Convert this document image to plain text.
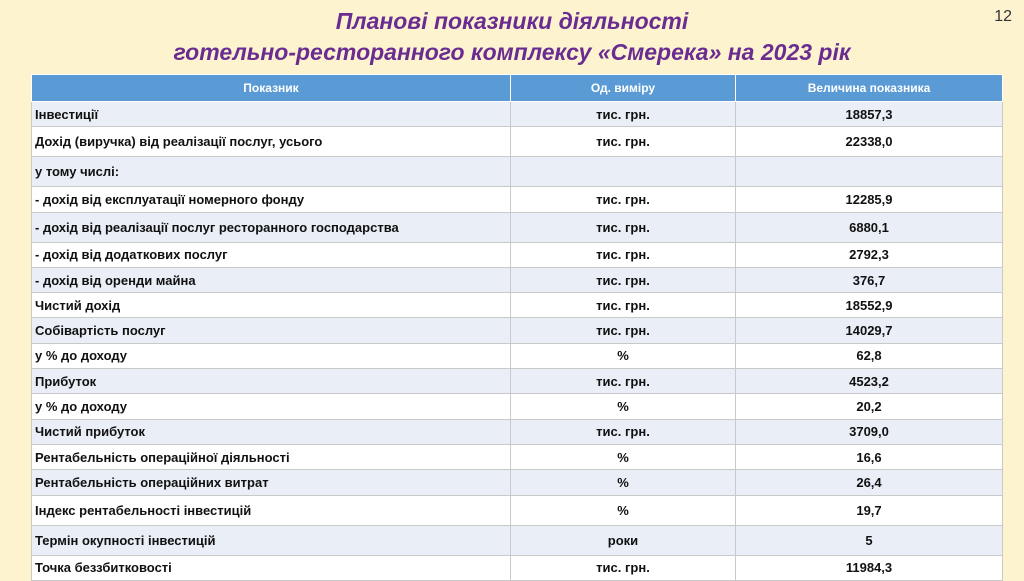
Планові показники діяльності
готельно-ресторанного комплексу «Смерека» на 2023 рік
12
Показник	Од. виміру	Величина показника
Інвестиції	тис. грн.	18857,3
Дохід (виручка) від реалізації послуг, усього	тис. грн.	22338,0
у тому числі:		
- дохід від експлуатації номерного фонду	тис. грн.	12285,9
- дохід від реалізації послуг ресторанного господарства	тис. грн.	6880,1
- дохід від додаткових послуг	тис. грн.	2792,3
- дохід від оренди майна	тис. грн.	376,7
Чистий дохід	тис. грн.	18552,9
Собівартість послуг	тис. грн.	14029,7
у % до доходу	%	62,8
Прибуток	тис. грн.	4523,2
у % до доходу	%	20,2
Чистий прибуток	тис. грн.	3709,0
Рентабельність операційної діяльності	%	16,6
Рентабельність операційних витрат	%	26,4
Індекс рентабельності інвестицій	%	19,7
Термін окупності інвестицій	роки	5
Точка беззбитковості	тис. грн.	11984,3
